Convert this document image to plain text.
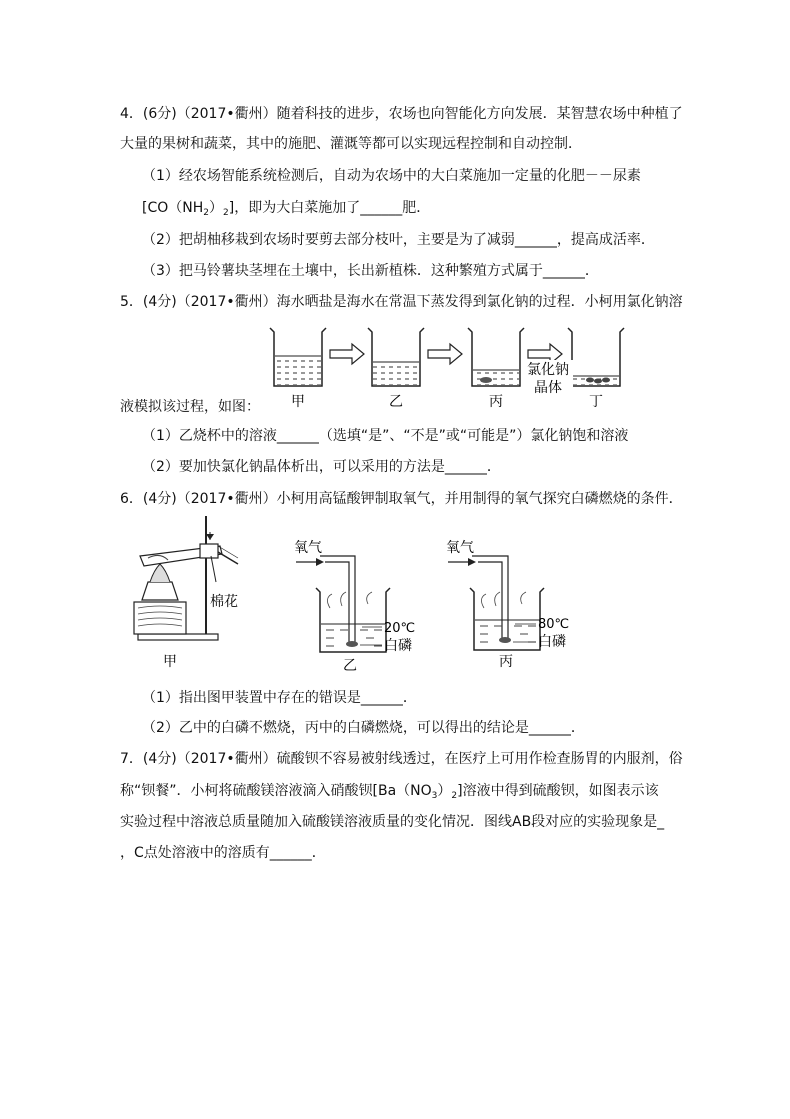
4．(6分)（2017•衢州）随着科技的进步，农场也向智能化方向发展．某智慧农场中种植了
大量的果树和蔬菜，其中的施肥、灌溉等都可以实现远程控制和自动控制．
（1）经农场智能系统检测后，自动为农场中的大白菜施加一定量的化肥－－尿素
$[CO(NH_2)_2]$，即为大白菜施加了______肥．
（2）把胡柚移栽到农场时要剪去部分枝叶，主要是为了减弱______，提高成活率．
（3）把马铃薯块茎埋在土壤中，长出新植株．这种繁殖方式属于______．
5．(4分)（2017•衢州）海水晒盐是海水在常温下蒸发得到氯化钠的过程．小柯用氯化钠溶
氯化钠
晶体
甲	乙	丙	丁
液模拟该过程，如图：
（1）乙烧杯中的溶液______（选填“是”、“不是”或“可能是”）氯化钠饱和溶液
（2）要加快氯化钠晶体析出，可以采用的方法是______．
6．(4分)（2017•衢州）小柯用高锰酸钾制取氧气，并用制得的氧气探究白磷燃烧的条件．
棉花
甲
氧气
20℃
白磷
乙
氧气
80℃
白磷
丙
（1）指出图甲装置中存在的错误是______．
（2）乙中的白磷不燃烧，丙中的白磷燃烧，可以得出的结论是______．
7．(4分)（2017•衢州）硫酸钡不容易被射线透过，在医疗上可用作检查肠胃的内服剂，俗
称“钡餐”．小柯将硫酸镁溶液滴入硝酸钡$[Ba(NO_3)_2]$溶液中得到硫酸钡，如图表示该
实验过程中溶液总质量随加入硫酸镁溶液质量的变化情况．图线AB段对应的实验现象是_
，C点处溶液中的溶质有______．
